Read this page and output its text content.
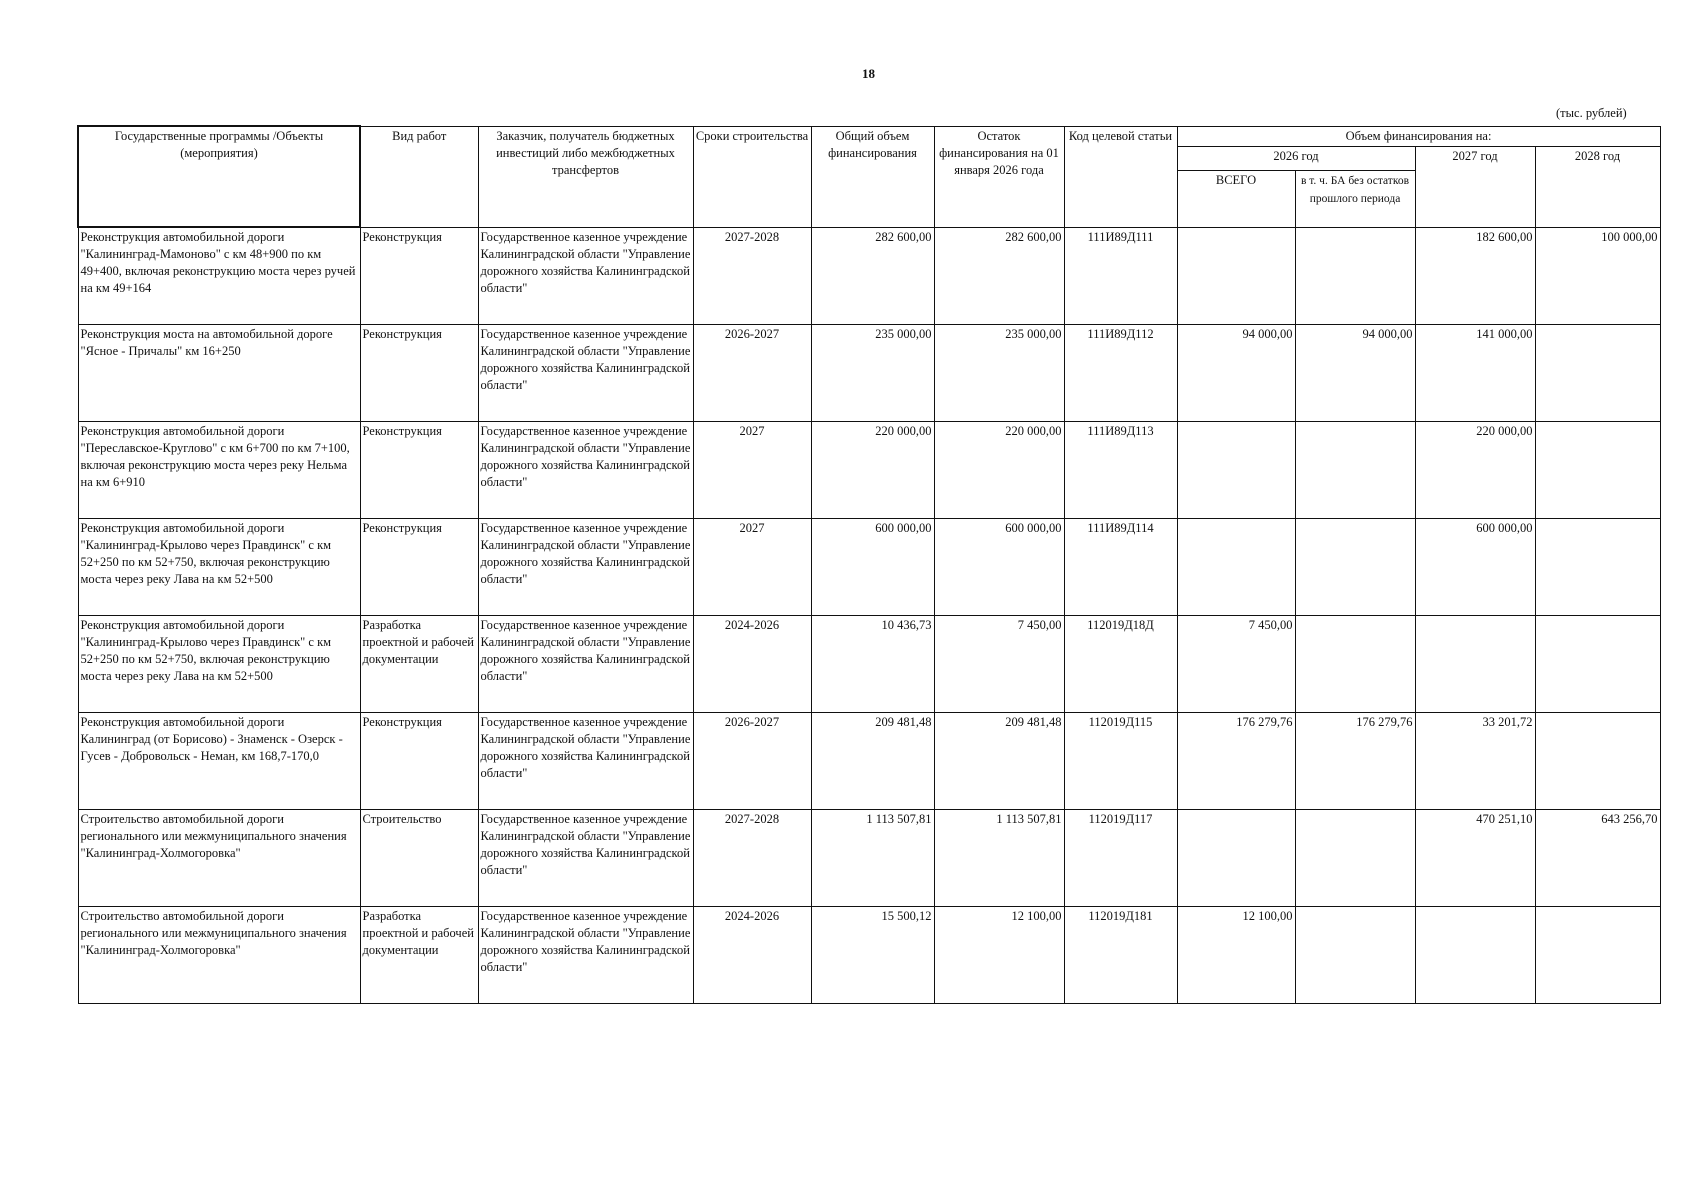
18
(тыс. рублей)
Государственные программы /Объекты (мероприятия)	Вид работ	Заказчик, получатель бюджетных инвестиций либо межбюджетных трансфертов	Сроки строительства	Общий объем финансирования	Остаток финансирования на 01 января 2026 года	Код целевой статьи	Объем финансирования на:			
							2026 год		2027 год	2028 год
							ВСЕГО	в т. ч. БА без остатков прошлого периода		
Реконструкция автомобильной дороги "Калининград-Мамоново" с км 48+900 по км 49+400, включая реконструкцию моста через ручей на км 49+164	Реконструкция	Государственное казенное учреждение Калининградской области "Управление дорожного хозяйства Калининградской области"	2027-2028	282 600,00	282 600,00	111И89Д111			182 600,00	100 000,00
Реконструкция моста на автомобильной дороге "Ясное - Причалы" км 16+250	Реконструкция	Государственное казенное учреждение Калининградской области "Управление дорожного хозяйства Калининградской области"	2026-2027	235 000,00	235 000,00	111И89Д112	94 000,00	94 000,00	141 000,00	
Реконструкция автомобильной дороги "Переславское-Круглово" с км 6+700 по км 7+100, включая реконструкцию моста через реку Нельма на км 6+910	Реконструкция	Государственное казенное учреждение Калининградской области "Управление дорожного хозяйства Калининградской области"	2027	220 000,00	220 000,00	111И89Д113			220 000,00	
Реконструкция автомобильной дороги "Калининград-Крылово через Правдинск" с км 52+250 по км 52+750, включая реконструкцию моста через реку Лава на км 52+500	Реконструкция	Государственное казенное учреждение Калининградской области "Управление дорожного хозяйства Калининградской области"	2027	600 000,00	600 000,00	111И89Д114			600 000,00	
Реконструкция автомобильной дороги "Калининград-Крылово через Правдинск" с км 52+250 по км 52+750, включая реконструкцию моста через реку Лава на км 52+500	Разработка проектной и рабочей документации	Государственное казенное учреждение Калининградской области "Управление дорожного хозяйства Калининградской области"	2024-2026	10 436,73	7 450,00	112019Д18Д	7 450,00			
Реконструкция автомобильной дороги Калининград (от Борисово) - Знаменск - Озерск - Гусев - Добровольск - Неман, км 168,7-170,0	Реконструкция	Государственное казенное учреждение Калининградской области "Управление дорожного хозяйства Калининградской области"	2026-2027	209 481,48	209 481,48	112019Д115	176 279,76	176 279,76	33 201,72	
Строительство автомобильной дороги регионального или межмуниципального значения "Калининград-Холмогоровка"	Строительство	Государственное казенное учреждение Калининградской области "Управление дорожного хозяйства Калининградской области"	2027-2028	1 113 507,81	1 113 507,81	112019Д117			470 251,10	643 256,70
Строительство автомобильной дороги регионального или межмуниципального значения "Калининград-Холмогоровка"	Разработка проектной и рабочей документации	Государственное казенное учреждение Калининградской области "Управление дорожного хозяйства Калининградской области"	2024-2026	15 500,12	12 100,00	112019Д181	12 100,00			
